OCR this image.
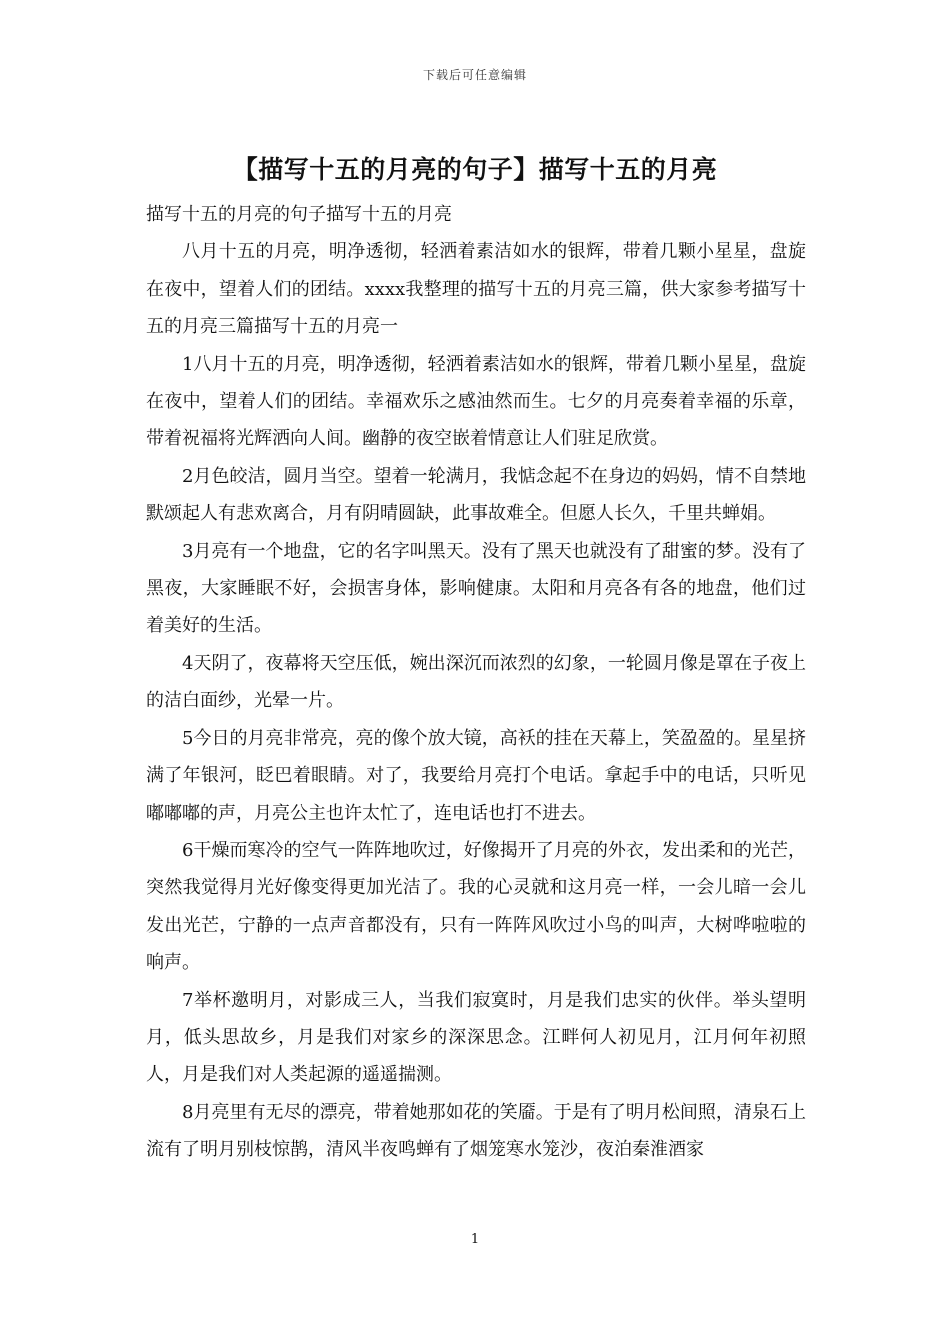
下载后可任意编辑
【描写十五的月亮的句子】描写十五的月亮

描写十五的月亮的句子描写十五的月亮

八月十五的月亮，明净透彻，轻洒着素洁如水的银辉，带着几颗小星星，盘旋在夜中，望着人们的团结。xxxx我整理的描写十五的月亮三篇，供大家参考描写十五的月亮三篇描写十五的月亮一

1八月十五的月亮，明净透彻，轻洒着素洁如水的银辉，带着几颗小星星，盘旋在夜中，望着人们的团结。幸福欢乐之感油然而生。七夕的月亮奏着幸福的乐章，带着祝福将光辉洒向人间。幽静的夜空嵌着情意让人们驻足欣赏。

2月色皎洁，圆月当空。望着一轮满月，我惦念起不在身边的妈妈，情不自禁地默颂起人有悲欢离合，月有阴晴圆缺，此事故难全。但愿人长久，千里共蝉娟。

3月亮有一个地盘，它的名字叫黑天。没有了黑天也就没有了甜蜜的梦。没有了黑夜，大家睡眠不好，会损害身体，影响健康。太阳和月亮各有各的地盘，他们过着美好的生活。

4天阴了，夜幕将天空压低，婉出深沉而浓烈的幻象，一轮圆月像是罩在子夜上的洁白面纱，光晕一片。

5今日的月亮非常亮，亮的像个放大镜，高袄的挂在天幕上，笑盈盈的。星星挤满了年银河，眨巴着眼睛。对了，我要给月亮打个电话。拿起手中的电话，只听见嘟嘟嘟的声，月亮公主也许太忙了，连电话也打不进去。

6干燥而寒冷的空气一阵阵地吹过，好像揭开了月亮的外衣，发出柔和的光芒，突然我觉得月光好像变得更加光洁了。我的心灵就和这月亮一样，一会儿暗一会儿发出光芒，宁静的一点声音都没有，只有一阵阵风吹过小鸟的叫声，大树哗啦啦的响声。

7举杯邀明月，对影成三人，当我们寂寞时，月是我们忠实的伙伴。举头望明月，低头思故乡，月是我们对家乡的深深思念。江畔何人初见月，江月何年初照人，月是我们对人类起源的遥遥揣测。

8月亮里有无尽的漂亮，带着她那如花的笑靥。于是有了明月松间照，清泉石上流有了明月别枝惊鹊，清风半夜鸣蝉有了烟笼寒水笼沙，夜泊秦淮酒家

1
